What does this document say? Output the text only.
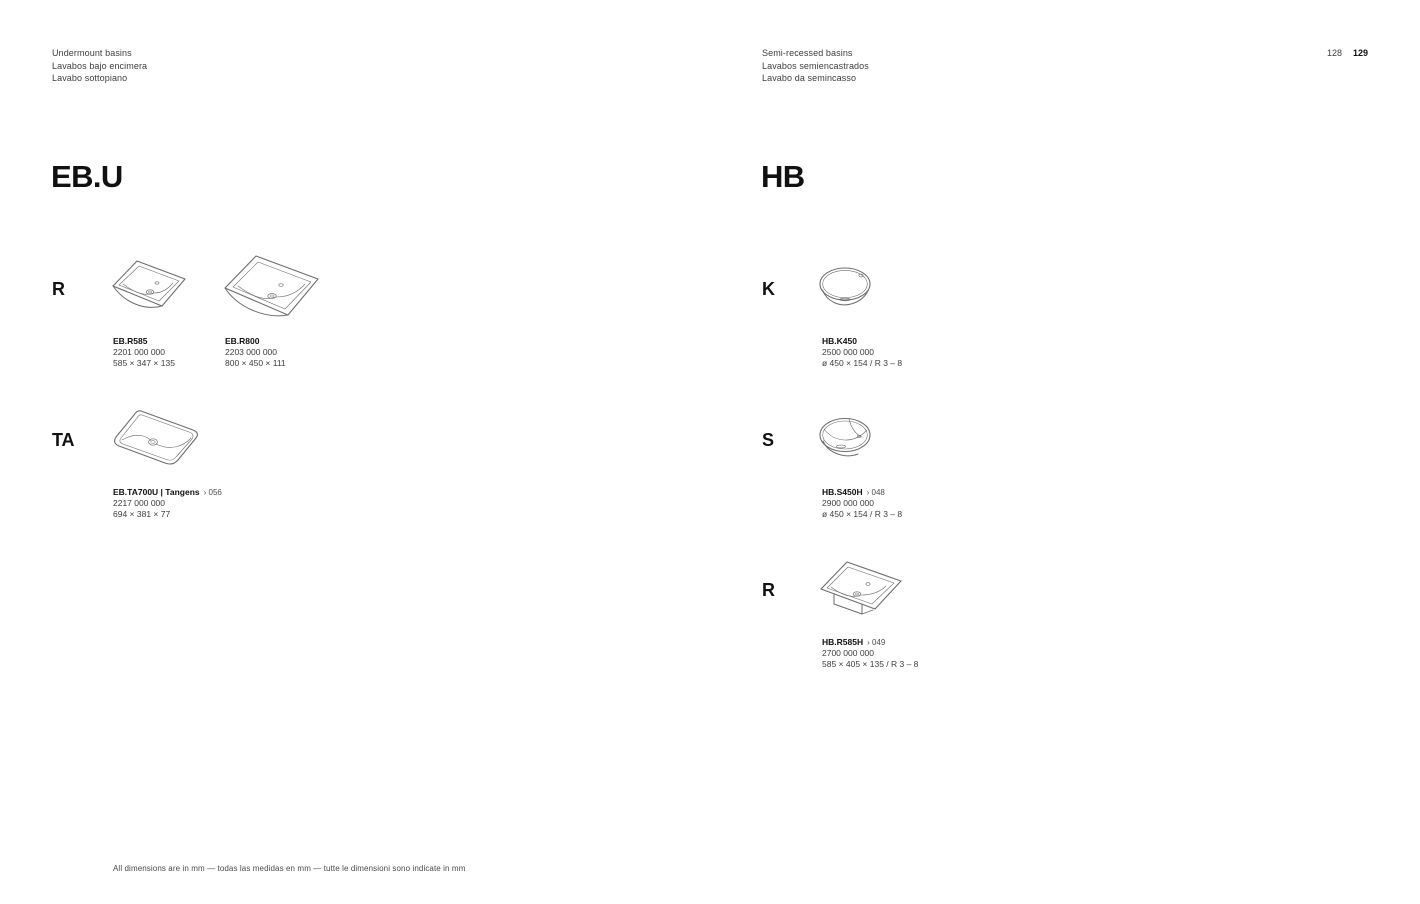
Undermount basins
Lavabos bajo encimera
Lavabo sottopiano
EB.U
R
EB.R585
2201 000 000
585 × 347 × 135
EB.R800
2203 000 000
800 × 450 × 111
TA
EB.TA700U | Tangens › 056
2217 000 000
694 × 381 × 77
Semi-recessed basins
Lavabos semiencastrados
Lavabo da semincasso
128 129
HB
K
HB.K450
2500 000 000
ø 450 × 154 / R 3 – 8
S
HB.S450H › 048
2900 000 000
ø 450 × 154 / R 3 – 8
R
HB.R585H › 049
2700 000 000
585 × 405 × 135 / R 3 – 8
All dimensions are in mm — todas las medidas en mm — tutte le dimensioni sono indicate in mm
